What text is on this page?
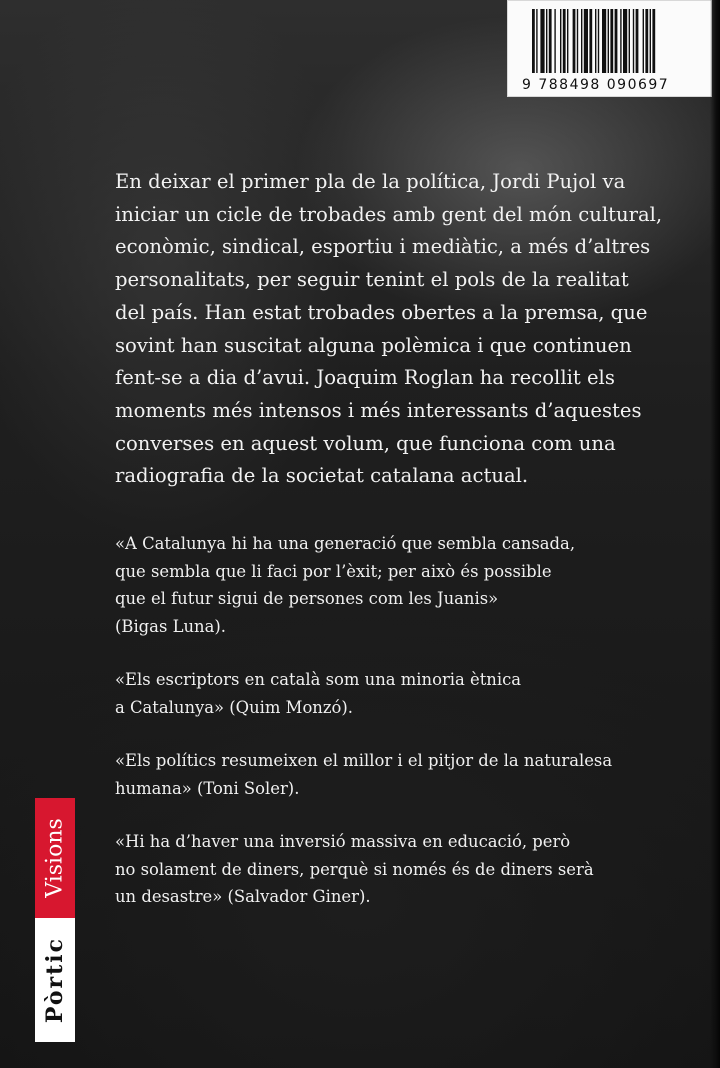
9 788498 090697
En deixar el primer pla de la política, Jordi Pujol va
iniciar un cicle de trobades amb gent del món cultural,
econòmic, sindical, esportiu i mediàtic, a més d’altres
personalitats, per seguir tenint el pols de la realitat
del país. Han estat trobades obertes a la premsa, que
sovint han suscitat alguna polèmica i que continuen
fent-se a dia d’avui. Joaquim Roglan ha recollit els
moments més intensos i més interessants d’aquestes
converses en aquest volum, que funciona com una
radiografia de la societat catalana actual.
«A Catalunya hi ha una generació que sembla cansada,
que sembla que li faci por l’èxit; per això és possible
que el futur sigui de persones com les Juanis»
(Bigas Luna).
«Els escriptors en català som una minoria ètnica
a Catalunya» (Quim Monzó).
«Els polítics resumeixen el millor i el pitjor de la naturalesa
humana» (Toni Soler).
«Hi ha d’haver una inversió massiva en educació, però
no solament de diners, perquè si només és de diners serà
un desastre» (Salvador Giner).
Visions
Pòrtic
